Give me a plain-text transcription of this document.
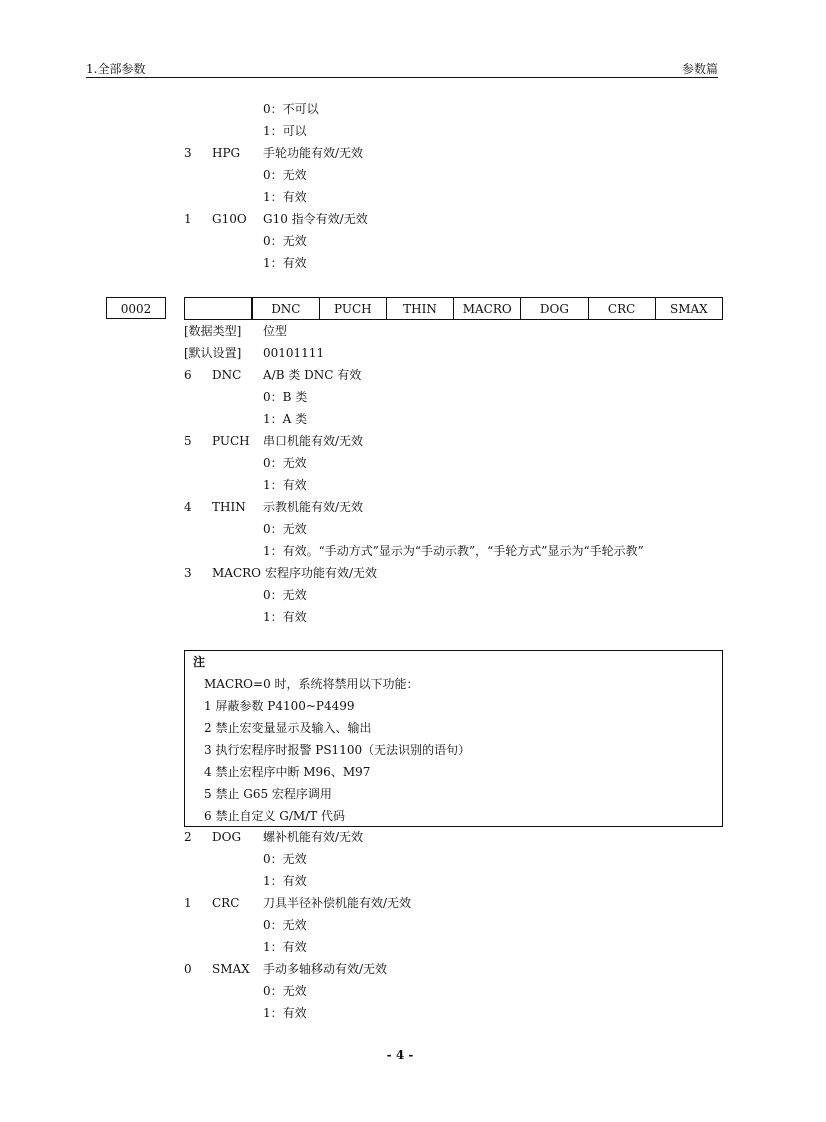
1.全部参数	参数篇
0：不可以
1：可以
3 HPG 手轮功能有效/无效
0：无效
1：有效
1 G10O G10 指令有效/无效
0：无效
1：有效
0002
		DNC	PUCH	THIN	MACRO	DOG	CRC	SMAX
[数据类型] 位型
[默认设置] 00101111
6 DNC A/B 类 DNC 有效
0：B 类
1：A 类
5 PUCH 串口机能有效/无效
0：无效
1：有效
4 THIN 示教机能有效/无效
0：无效
1：有效。“手动方式”显示为“手动示教”，“手轮方式”显示为“手轮示教”
3 MACRO 宏程序功能有效/无效
0：无效
1：有效
注
MACRO=0 时，系统将禁用以下功能：
1 屏蔽参数 P4100~P4499
2 禁止宏变量显示及输入、输出
3 执行宏程序时报警 PS1100（无法识别的语句）
4 禁止宏程序中断 M96、M97
5 禁止 G65 宏程序调用
6 禁止自定义 G/M/T 代码
2 DOG 螺补机能有效/无效
0：无效
1：有效
1 CRC 刀具半径补偿机能有效/无效
0：无效
1：有效
0 SMAX 手动多轴移动有效/无效
0：无效
1：有效
- 4 -
